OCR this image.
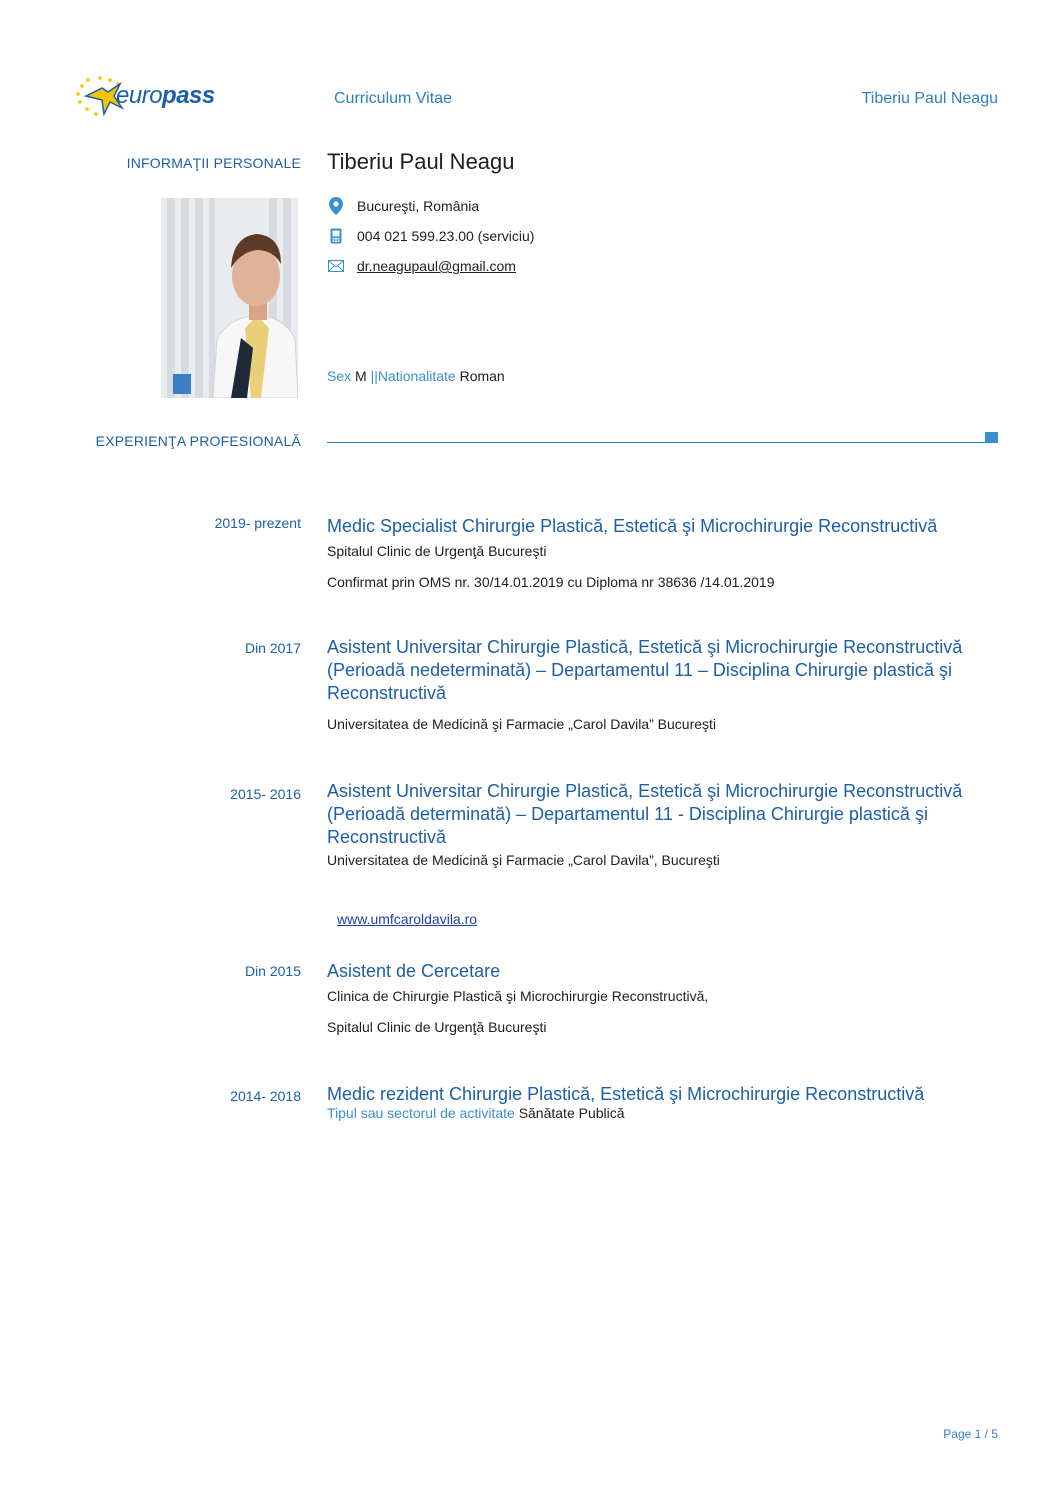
europass	Curriculum Vitae	Tiberiu Paul Neagu
INFORMAŢII PERSONALE Tiberiu Paul Neagu
Bucureşti, România
004 021 599.23.00 (serviciu)
dr.neagupaul@gmail.com
Sex M ||Nationalitate Roman
EXPERIENŢA PROFESIONALĂ
2019- prezent Medic Specialist Chirurgie Plastică, Estetică şi Microchirurgie Reconstructivă
Spitalul Clinic de Urgenţă Bucureşti
Confirmat prin OMS nr. 30/14.01.2019 cu Diploma nr 38636 /14.01.2019
Din 2017 Asistent Universitar Chirurgie Plastică, Estetică şi Microchirurgie Reconstructivă (Perioadă nedeterminată) – Departamentul 11 – Disciplina Chirurgie plastică şi Reconstructivă
Universitatea de Medicină şi Farmacie „Carol Davila” Bucureşti
2015- 2016 Asistent Universitar Chirurgie Plastică, Estetică şi Microchirurgie Reconstructivă (Perioadă determinată) – Departamentul 11 - Disciplina Chirurgie plastică şi Reconstructivă
Universitatea de Medicină şi Farmacie „Carol Davila”, Bucureşti
www.umfcaroldavila.ro
Din 2015 Asistent de Cercetare
Clinica de Chirurgie Plastică şi Microchirurgie Reconstructivă,
Spitalul Clinic de Urgenţă Bucureşti
2014- 2018 Medic rezident Chirurgie Plastică, Estetică şi Microchirurgie Reconstructivă
Tipul sau sectorul de activitate Sănătate Publică
Page 1 / 5
